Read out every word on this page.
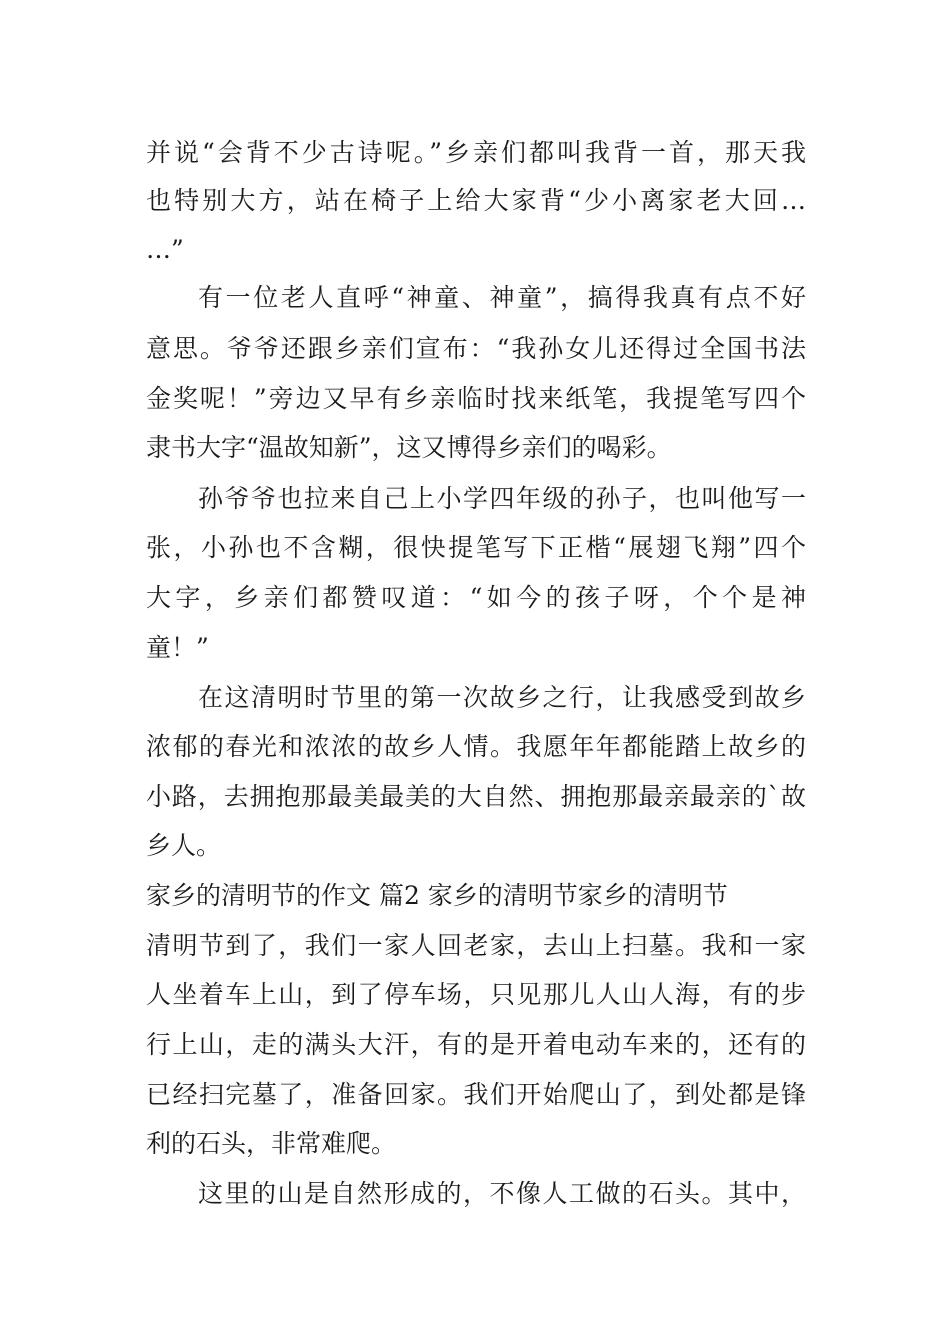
并说“会背不少古诗呢。”乡亲们都叫我背一首，那天我
也特别大方，站在椅子上给大家背“少小离家老大回…
…”
有一位老人直呼“神童、神童”，搞得我真有点不好
意思。爷爷还跟乡亲们宣布：“我孙女儿还得过全国书法
金奖呢！”旁边又早有乡亲临时找来纸笔，我提笔写四个
隶书大字“温故知新”，这又博得乡亲们的喝彩。
孙爷爷也拉来自己上小学四年级的孙子，也叫他写一
张，小孙也不含糊，很快提笔写下正楷“展翅飞翔”四个
大字，乡亲们都赞叹道：“如今的孩子呀，个个是神
童！”
在这清明时节里的第一次故乡之行，让我感受到故乡
浓郁的春光和浓浓的故乡人情。我愿年年都能踏上故乡的
小路，去拥抱那最美最美的大自然、拥抱那最亲最亲的`故
乡人。
家乡的清明节的作文 篇2 家乡的清明节家乡的清明节
清明节到了，我们一家人回老家，去山上扫墓。我和一家
人坐着车上山，到了停车场，只见那儿人山人海，有的步
行上山，走的满头大汗，有的是开着电动车来的，还有的
已经扫完墓了，准备回家。我们开始爬山了，到处都是锋
利的石头，非常难爬。
这里的山是自然形成的，不像人工做的石头。其中，
